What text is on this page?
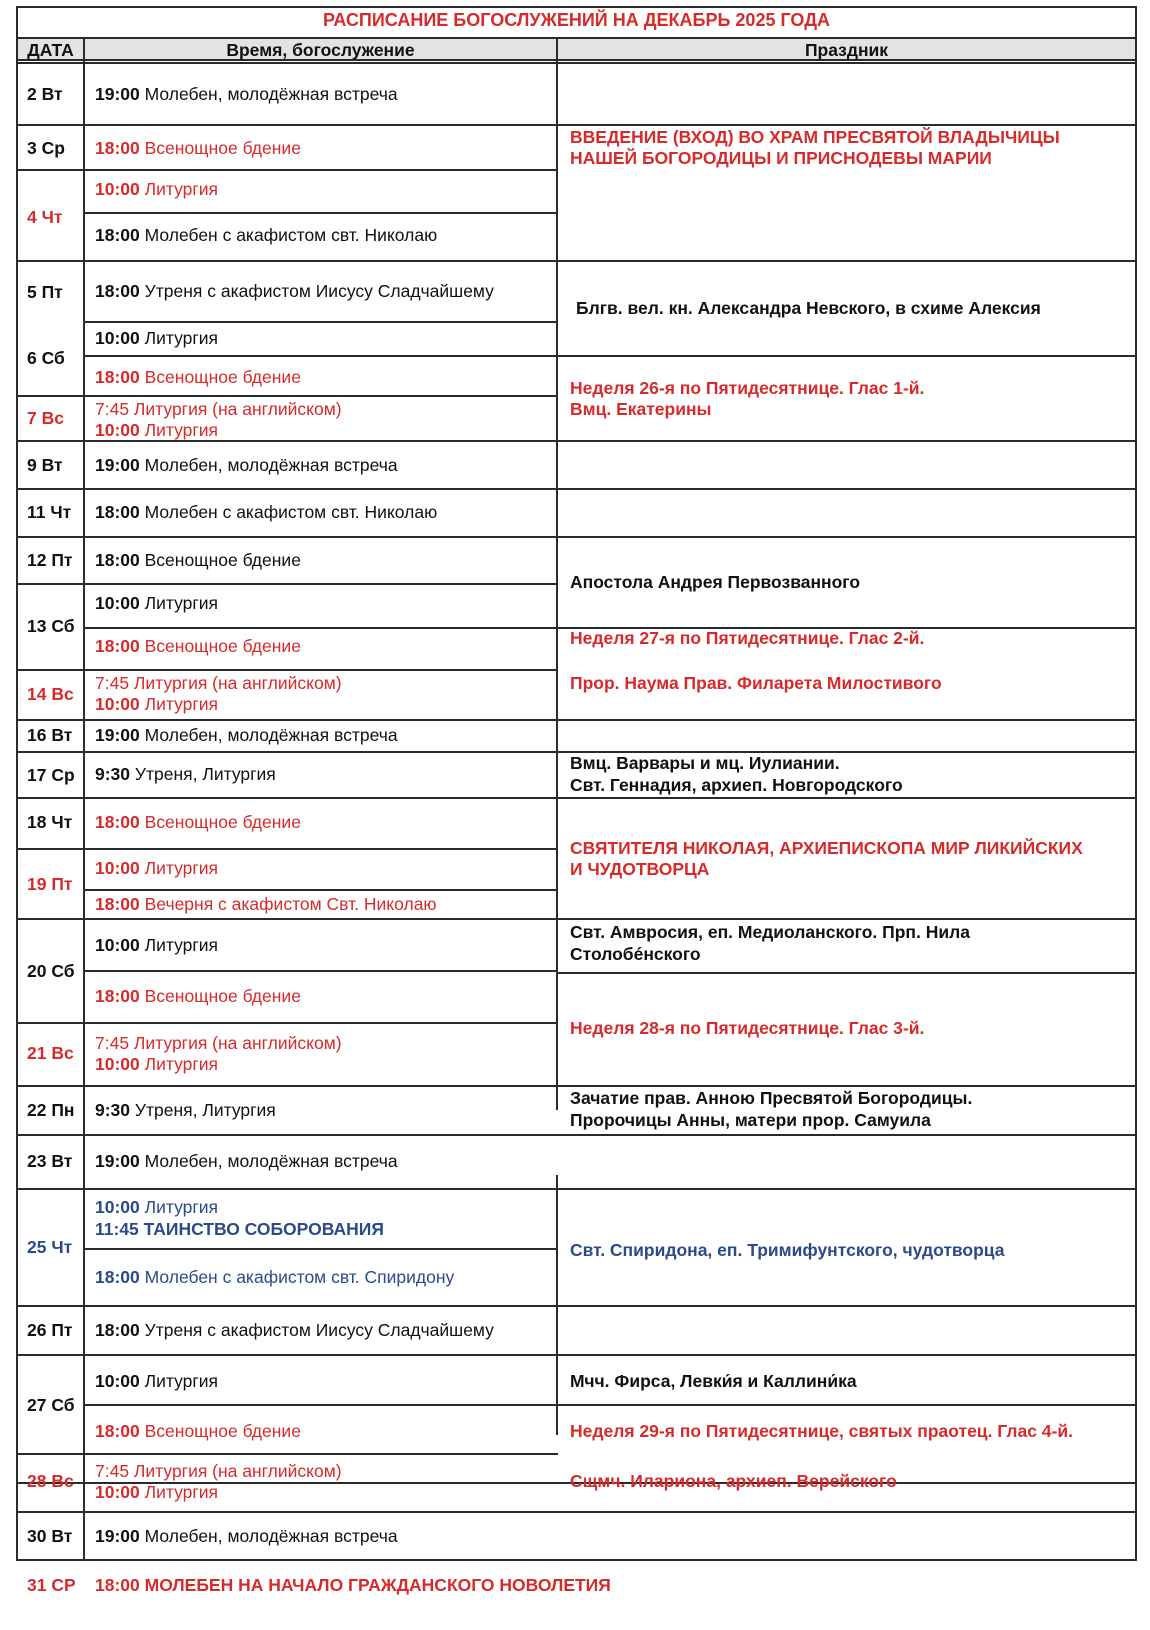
РАСПИСАНИЕ БОГОСЛУЖЕНИЙ НА ДЕКАБРЬ 2025 ГОДА
ДАТА	Время, богослужение	Праздник
2 Вт
3 Ср
4 Чт
5 Пт
6 Сб
7 Вс
9 Вт
11 Чт
12 Пт
13 Сб
14 Вс
16 Вт
17 Ср
18 Чт
19 Пт
20 Сб
21 Вс
22 Пн
23 Вт
25 Чт
26 Пт
27 Сб
28 Вс
30 Вт
31 СР
19:00 Молебен, молодёжная встреча
18:00 Всенощное бдение
10:00 Литургия
18:00 Молебен с акафистом свт. Николаю
18:00 Утреня с акафистом Иисусу Сладчайшему
10:00 Литургия
18:00 Всенощное бдение
7:45 Литургия (на английском)
10:00 Литургия
19:00 Молебен, молодёжная встреча
18:00 Молебен с акафистом свт. Николаю
18:00 Всенощное бдение
10:00 Литургия
18:00 Всенощное бдение
7:45 Литургия (на английском)
10:00 Литургия
19:00 Молебен, молодёжная встреча
9:30 Утреня, Литургия
18:00 Всенощное бдение
10:00 Литургия
18:00 Вечерня с акафистом Свт. Николаю
10:00 Литургия
18:00 Всенощное бдение
7:45 Литургия (на английском)
10:00 Литургия
9:30 Утреня, Литургия
19:00 Молебен, молодёжная встреча
10:00 Литургия
11:45 ТАИНСТВО СОБОРОВАНИЯ
18:00 Молебен с акафистом свт. Спиридону
18:00 Утреня с акафистом Иисусу Сладчайшему
10:00 Литургия
18:00 Всенощное бдение
7:45 Литургия (на английском)
10:00 Литургия
19:00 Молебен, молодёжная встреча
18:00 МОЛЕБЕН НА НАЧАЛО ГРАЖДАНСКОГО НОВОЛЕТИЯ
ВВЕДЕНИЕ (ВХОД) ВО ХРАМ ПРЕСВЯТОЙ ВЛАДЫЧИЦЫ
НАШЕЙ БОГОРОДИЦЫ И ПРИСНОДЕВЫ МАРИИ
Блгв. вел. кн. Александра Невского, в схиме Алексия
Неделя 26-я по Пятидесятнице. Глас 1-й.
Вмц. Екатерины
Апостола Андрея Первозванного
Неделя 27-я по Пятидесятнице. Глас 2-й.
Прор. Наума Прав. Филарета Милостивого
Вмц. Варвары и мц. Иулиании.
Свт. Геннадия, архиеп. Новгородского
СВЯТИТЕЛЯ НИКОЛАЯ, АРХИЕПИСКОПА МИР ЛИКИЙСКИХ
И ЧУДОТВОРЦА
Свт. Амвросия, еп. Медиоланского. Прп. Нила
Столобéнского
Неделя 28-я по Пятидесятнице. Глас 3-й.
Зачатие прав. Анною Пресвятой Богородицы.
Пророчицы Анны, матери прор. Самуила
Свт. Спиридона, еп. Тримифунтского, чудотворца
Мчч. Фирса, Левки́я и Каллини́ка
Неделя 29-я по Пятидесятнице, святых праотец. Глас 4-й.
Сщмч. Илариона, архиеп. Верейского
